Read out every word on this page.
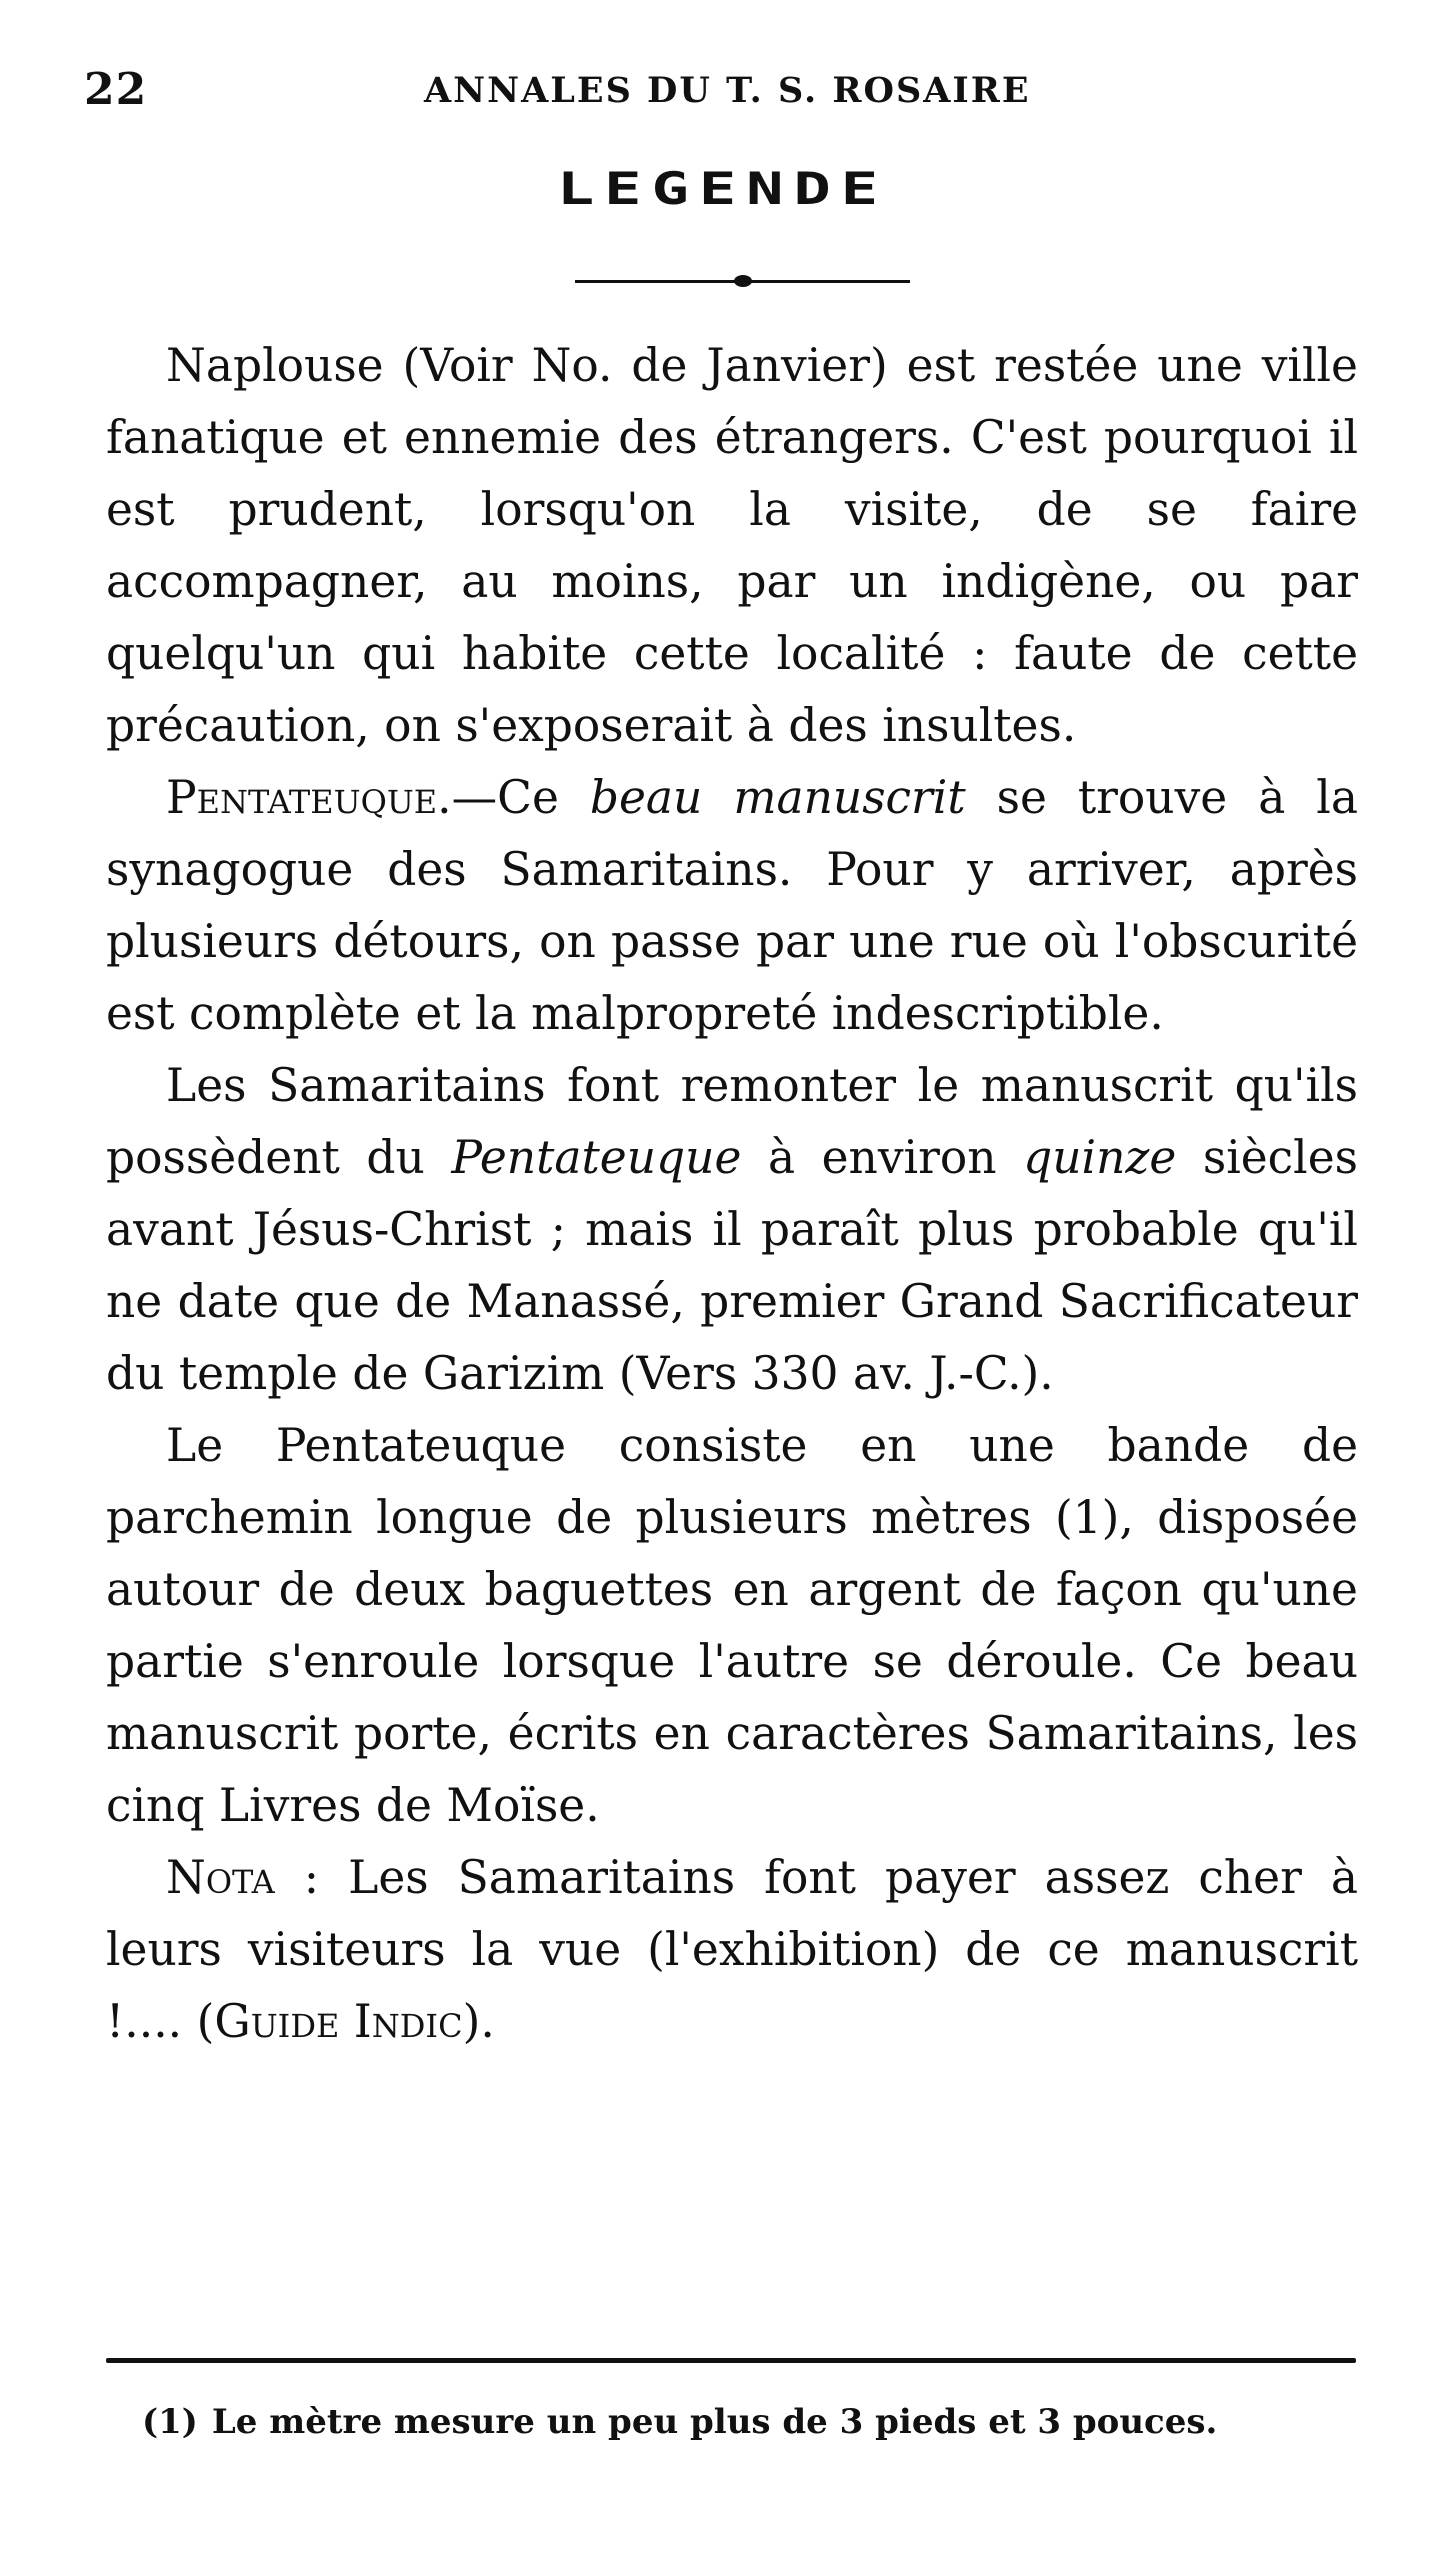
22	ANNALES DU T. S. ROSAIRE
LEGENDE

Naplouse (Voir No. de Janvier) est restée une ville fanatique et ennemie des étrangers. C'est pourquoi il est prudent, lorsqu'on la visite, de se faire accompagner, au moins, par un indigène, ou par quelqu'un qui habite cette localité : faute de cette précaution, on s'exposerait à des insultes.

Pentateuque.—Ce beau manuscrit se trouve à la synagogue des Samaritains. Pour y arriver, après plusieurs détours, on passe par une rue où l'obscurité est complète et la malpropreté indescriptible.

Les Samaritains font remonter le manuscrit qu'ils possèdent du Pentateuque à environ quinze siècles avant Jésus-Christ ; mais il paraît plus probable qu'il ne date que de Manassé, premier Grand Sacrificateur du temple de Garizim (Vers 330 av. J.-C.).

Le Pentateuque consiste en une bande de parchemin longue de plusieurs mètres (1), disposée autour de deux baguettes en argent de façon qu'une partie s'enroule lorsque l'autre se déroule. Ce beau manuscrit porte, écrits en caractères Samaritains, les cinq Livres de Moïse.

Nota : Les Samaritains font payer assez cher à leurs visiteurs la vue (l'exhibition) de ce manuscrit !.... (Guide Indic).

(1) Le mètre mesure un peu plus de 3 pieds et 3 pouces.
